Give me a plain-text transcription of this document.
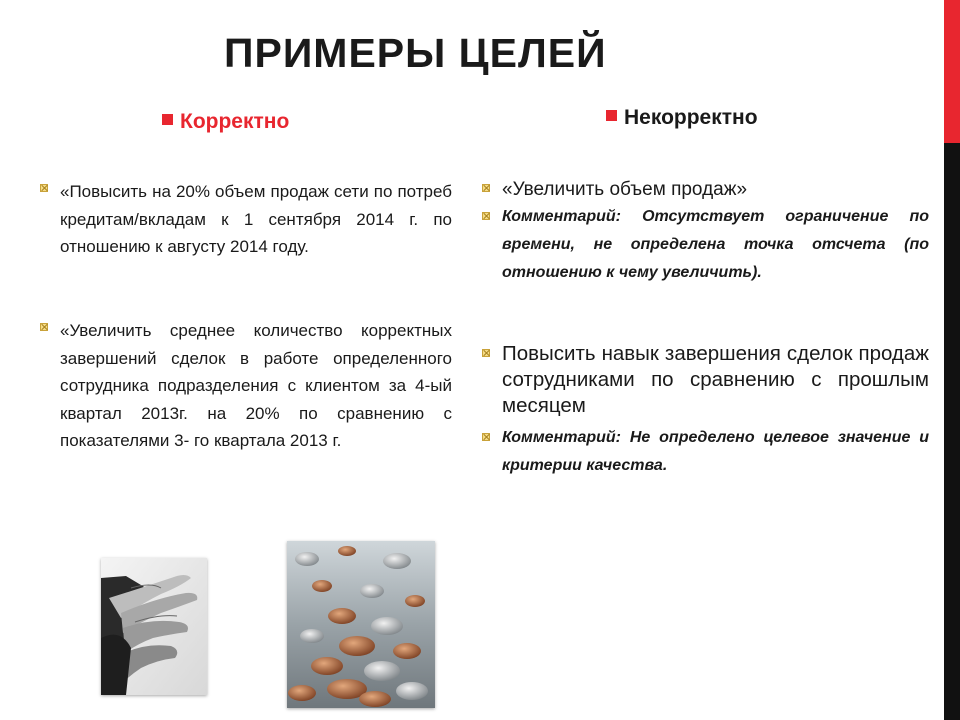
ПРИМЕРЫ ЦЕЛЕЙ
Корректно	Некорректно
«Повысить на 20% объем продаж сети по потреб кредитам/вкладам к 1 сентября 2014 г. по отношению к августу 2014 году.
«Увеличить среднее количество корректных завершений сделок в работе определенного сотрудника подразделения с клиентом за 4-ый квартал 2013г. на 20% по сравнению с показателями 3- го квартала 2013 г.
«Увеличить объем продаж»
Комментарий: Отсутствует ограничение по времени, не определена точка отсчета (по отношению к чему увеличить).
Повысить навык завершения сделок продаж сотрудниками по сравнению с прошлым месяцем
Комментарий: Не определено целевое значение и критерии качества.
